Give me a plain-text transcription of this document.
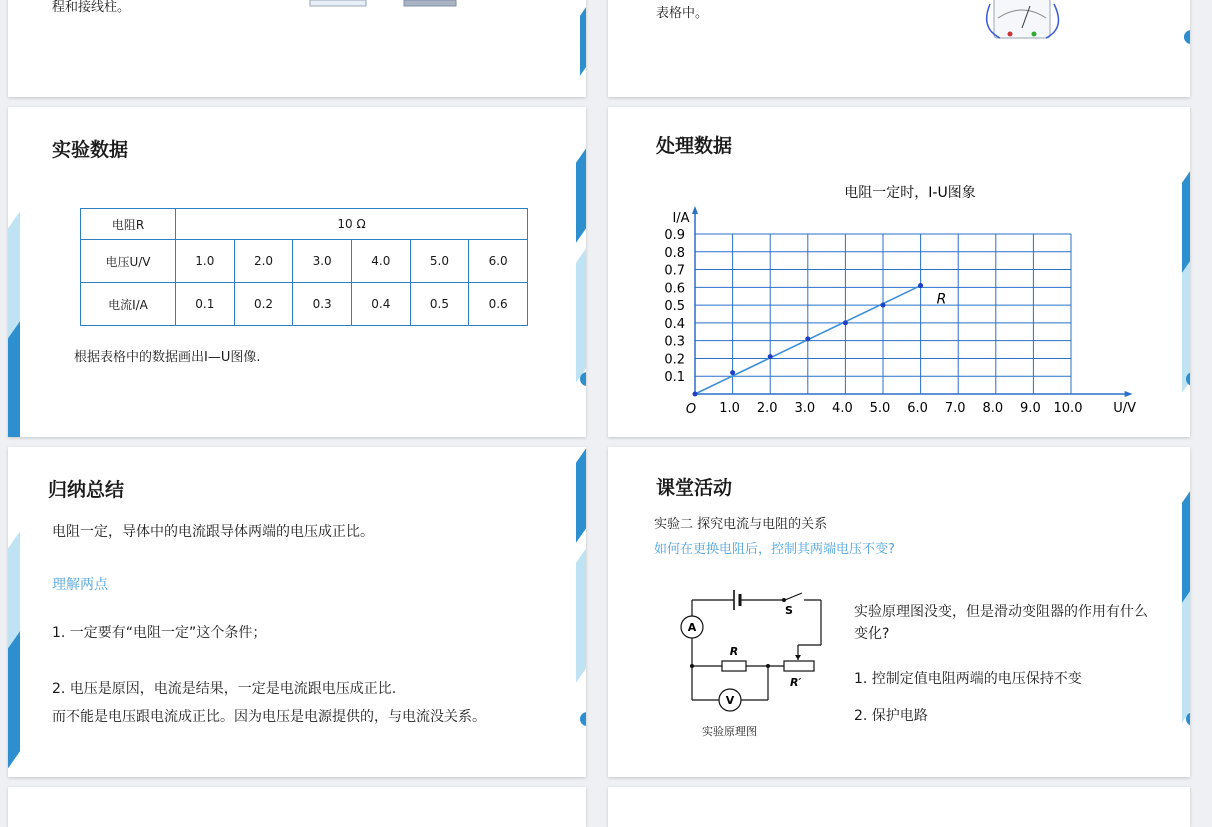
程和接线柱。	表格中。
实验数据
电阻R	10 Ω					
电压U/V	1.0	2.0	3.0	4.0	5.0	6.0
电流I/A	0.1	0.2	0.3	0.4	0.5	0.6
根据表格中的数据画出I—U图像.
处理数据
电阻一定时，I-U图象
1.0 2.0 3.0 4.0 5.0 6.0 7.0 8.0 9.0 10.0
0.1
0.2
0.3
0.4
0.5
0.6
0.7
0.8
0.9
O	U/V
I/A
R
归纳总结
电阻一定，导体中的电流跟导体两端的电压成正比。
理解两点
1. 一定要有“电阻一定”这个条件；
2. 电压是原因，电流是结果，一定是电流跟电压成正比.
而不能是电压跟电流成正比。因为电压是电源提供的，与电流没关系。
课堂活动
实验二 探究电流与电阻的关系
如何在更换电阻后，控制其两端电压不变?
S
A
R
R′
V
实验原理图
实验原理图没变，但是滑动变阻器的作用有什么变化?
1. 控制定值电阻两端的电压保持不变
2. 保护电路
